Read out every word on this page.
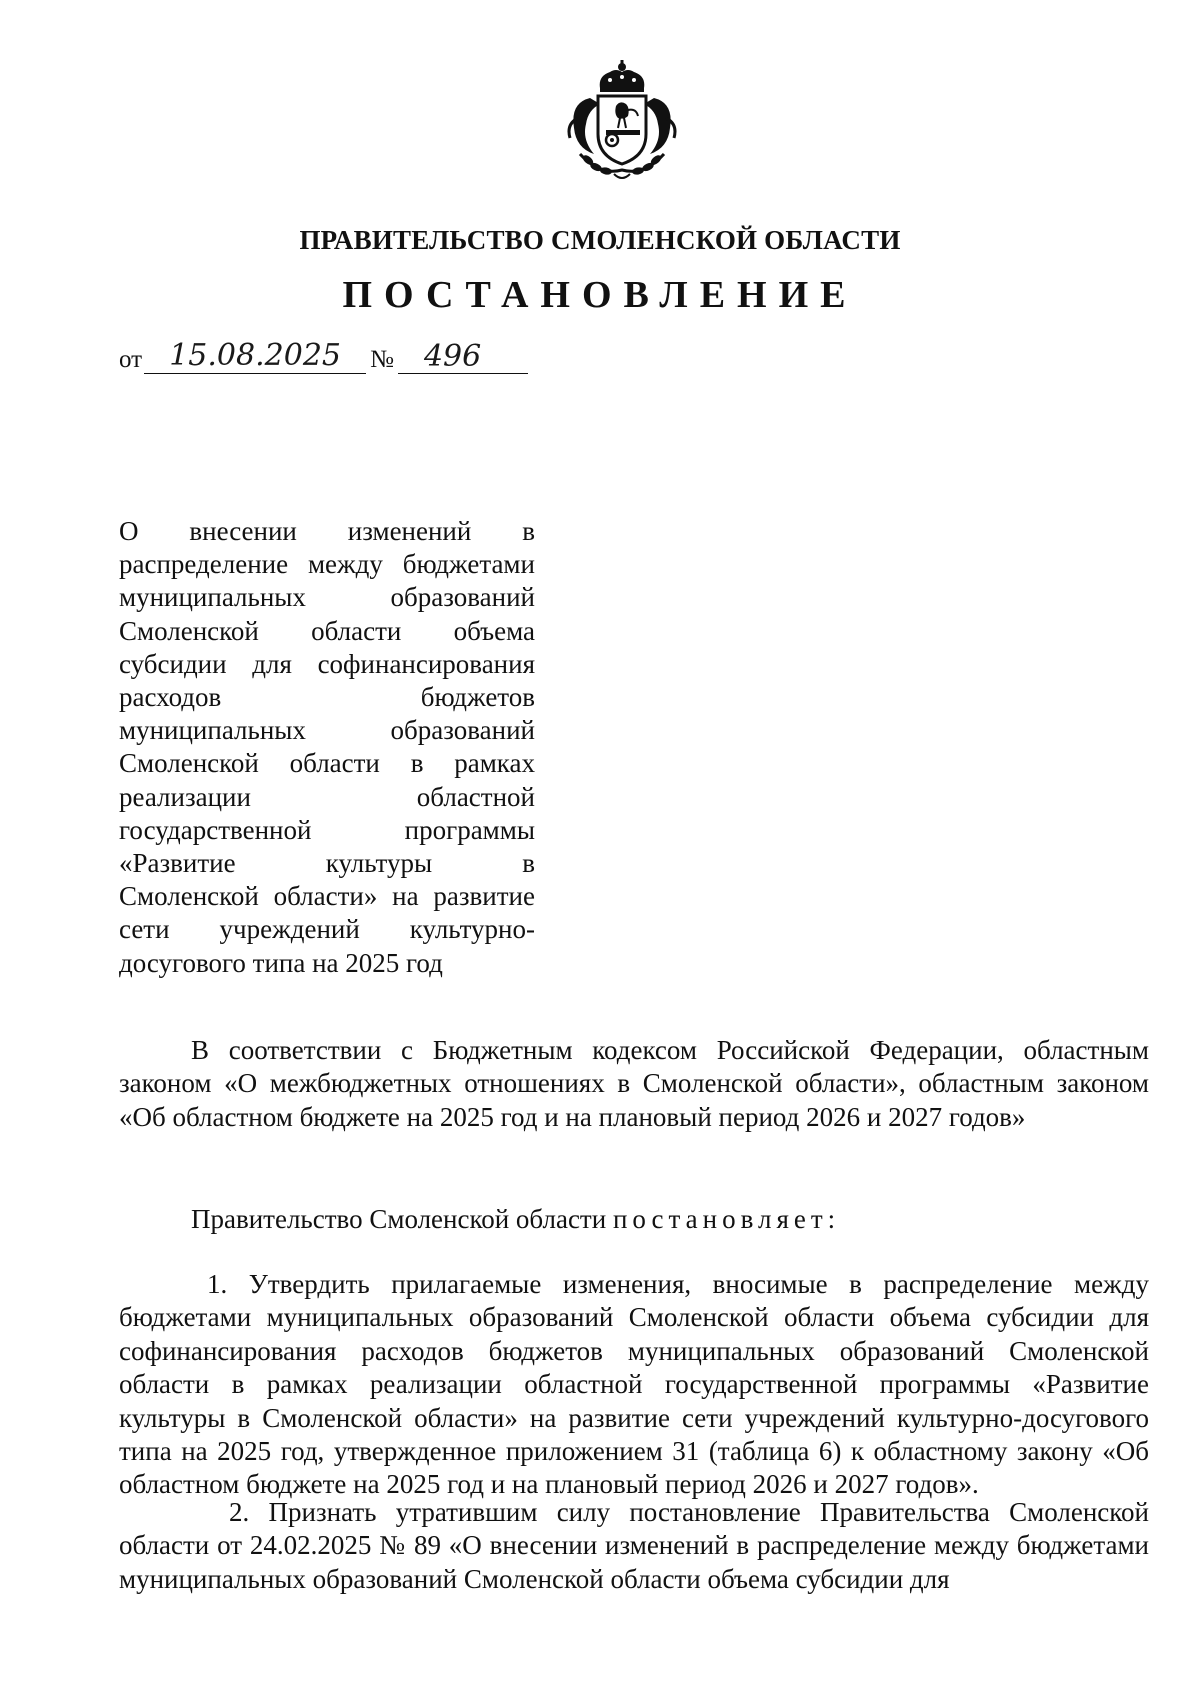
ПРАВИТЕЛЬСТВО СМОЛЕНСКОЙ ОБЛАСТИ
ПОСТАНОВЛЕНИЕ
от 15.08.2025	№	496
О внесении изменений в
распределение между бюджетами
муниципальных	образований
Смоленской области объема
субсидии для софинансирования
расходов	бюджетов
муниципальных	образований
Смоленской области в рамках
реализации	областной
государственной	программы
«Развитие	культуры	в
Смоленской области» на развитие
сети учреждений культурно-
досугового типа на 2025 год
В соответствии с Бюджетным кодексом Российской Федерации, областным законом «О межбюджетных отношениях в Смоленской области», областным законом «Об областном бюджете на 2025 год и на плановый период 2026 и 2027 годов»
Правительство Смоленской области постановляет:
1. Утвердить прилагаемые изменения, вносимые в распределение между бюджетами муниципальных образований Смоленской области объема субсидии для софинансирования расходов бюджетов муниципальных образований Смоленской области в рамках реализации областной государственной программы «Развитие культуры в Смоленской области» на развитие сети учреждений культурно-досугового типа на 2025 год, утвержденное приложением 31 (таблица 6) к областному закону «Об областном бюджете на 2025 год и на плановый период 2026 и 2027 годов».
2. Признать утратившим силу постановление Правительства Смоленской области от 24.02.2025 № 89 «О внесении изменений в распределение между бюджетами муниципальных образований Смоленской области объема субсидии для
